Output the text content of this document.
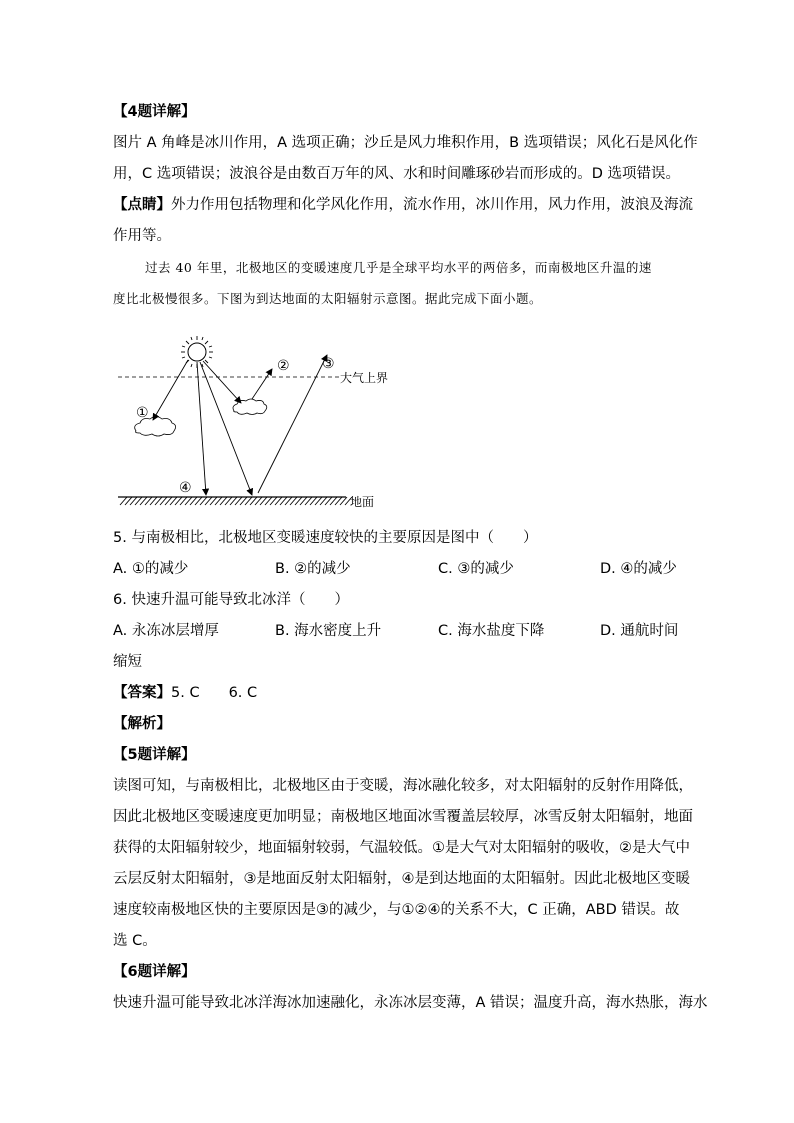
【4题详解】
图片 A 角峰是冰川作用，A 选项正确；沙丘是风力堆积作用，B 选项错误；风化石是风化作
用，C 选项错误；波浪谷是由数百万年的风、水和时间雕琢砂岩而形成的。D 选项错误。
【点睛】外力作用包括物理和化学风化作用，流水作用，冰川作用，风力作用，波浪及海流
作用等。
过去 40 年里，北极地区的变暖速度几乎是全球平均水平的两倍多，而南极地区升温的速
度比北极慢很多。下图为到达地面的太阳辐射示意图。据此完成下面小题。
大气上界
①
②
④
③
地面
5. 与南极相比，北极地区变暖速度较快的主要原因是图中（　　）
A. ①的减少	B. ②的减少	C. ③的减少	D. ④的减少
6. 快速升温可能导致北冰洋（　　）
A. 永冻冰层增厚	B. 海水密度上升	C. 海水盐度下降	D. 通航时间
缩短
【答案】5. C　　6. C
【解析】
【5题详解】
读图可知，与南极相比，北极地区由于变暖，海冰融化较多，对太阳辐射的反射作用降低，
因此北极地区变暖速度更加明显；南极地区地面冰雪覆盖层较厚，冰雪反射太阳辐射，地面
获得的太阳辐射较少，地面辐射较弱，气温较低。①是大气对太阳辐射的吸收，②是大气中
云层反射太阳辐射，③是地面反射太阳辐射，④是到达地面的太阳辐射。因此北极地区变暖
速度较南极地区快的主要原因是③的减少，与①②④的关系不大，C 正确，ABD 错误。故
选 C。
【6题详解】
快速升温可能导致北冰洋海冰加速融化，永冻冰层变薄，A 错误；温度升高，海水热胀，海水
